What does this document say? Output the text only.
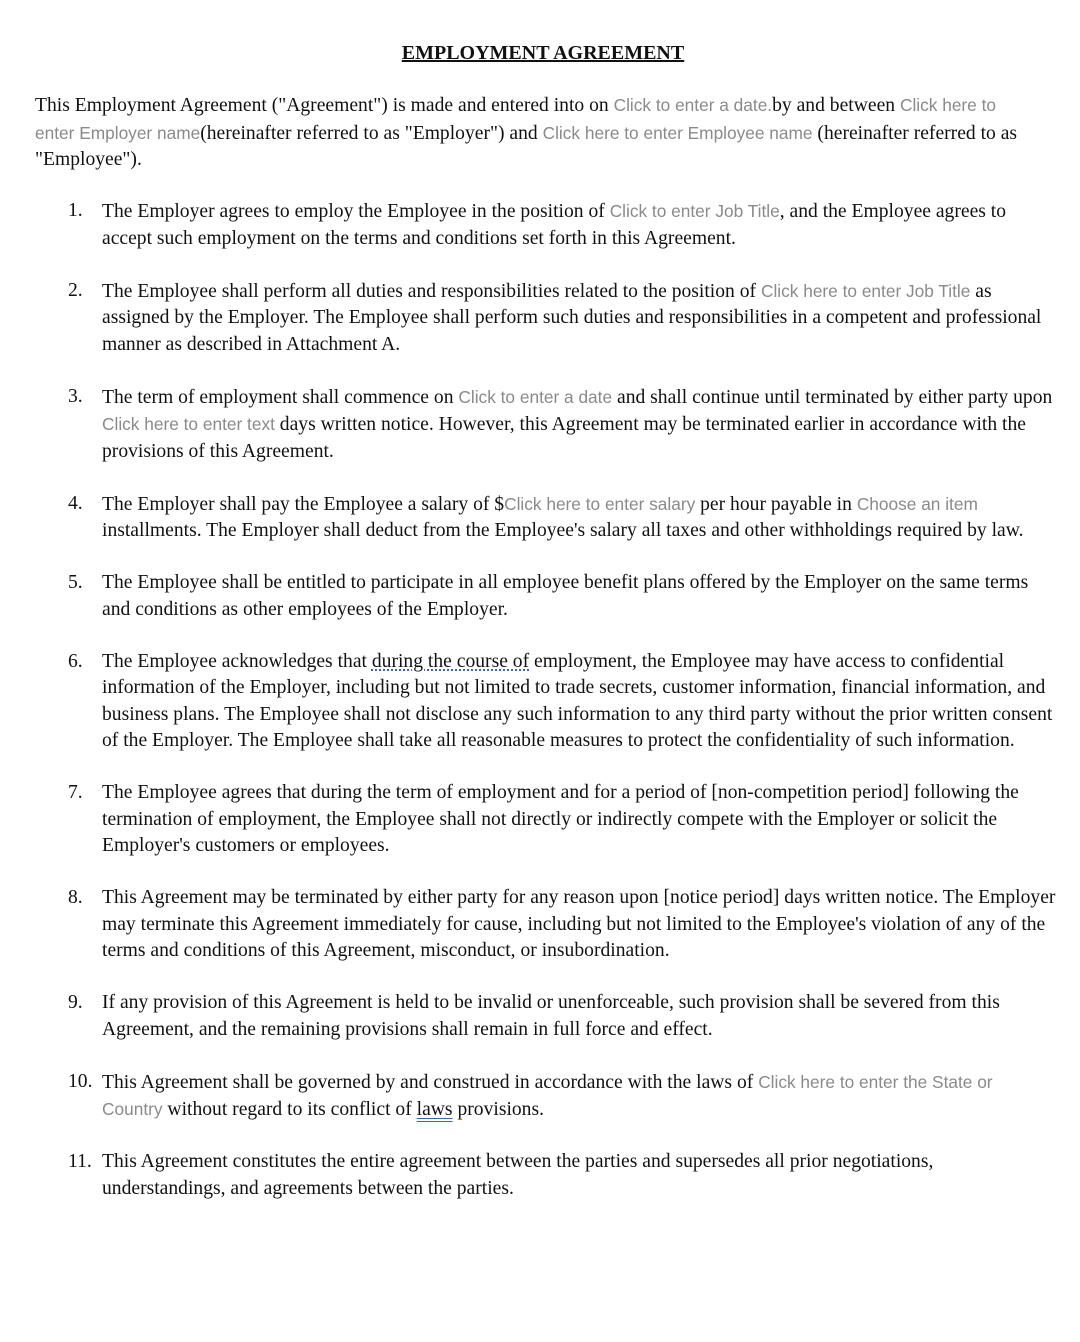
EMPLOYMENT AGREEMENT

This Employment Agreement ("Agreement") is made and entered into on Click to enter a date.by and between Click here to enter Employer name(hereinafter referred to as "Employer") and Click here to enter Employee name (hereinafter referred to as "Employee").

1. The Employer agrees to employ the Employee in the position of Click to enter Job Title, and the Employee agrees to accept such employment on the terms and conditions set forth in this Agreement.
2. The Employee shall perform all duties and responsibilities related to the position of Click here to enter Job Title as assigned by the Employer. The Employee shall perform such duties and responsibilities in a competent and professional manner as described in Attachment A.
3. The term of employment shall commence on Click to enter a date and shall continue until terminated by either party upon Click here to enter text days written notice. However, this Agreement may be terminated earlier in accordance with the provisions of this Agreement.
4. The Employer shall pay the Employee a salary of $Click here to enter salary per hour payable in Choose an item installments. The Employer shall deduct from the Employee's salary all taxes and other withholdings required by law.
5. The Employee shall be entitled to participate in all employee benefit plans offered by the Employer on the same terms and conditions as other employees of the Employer.
6. The Employee acknowledges that during the course of employment, the Employee may have access to confidential information of the Employer, including but not limited to trade secrets, customer information, financial information, and business plans. The Employee shall not disclose any such information to any third party without the prior written consent of the Employer. The Employee shall take all reasonable measures to protect the confidentiality of such information.
7. The Employee agrees that during the term of employment and for a period of [non-competition period] following the termination of employment, the Employee shall not directly or indirectly compete with the Employer or solicit the Employer's customers or employees.
8. This Agreement may be terminated by either party for any reason upon [notice period] days written notice. The Employer may terminate this Agreement immediately for cause, including but not limited to the Employee's violation of any of the terms and conditions of this Agreement, misconduct, or insubordination.
9. If any provision of this Agreement is held to be invalid or unenforceable, such provision shall be severed from this Agreement, and the remaining provisions shall remain in full force and effect.
10. This Agreement shall be governed by and construed in accordance with the laws of Click here to enter the State or Country without regard to its conflict of laws provisions.
11. This Agreement constitutes the entire agreement between the parties and supersedes all prior negotiations, understandings, and agreements between the parties.
